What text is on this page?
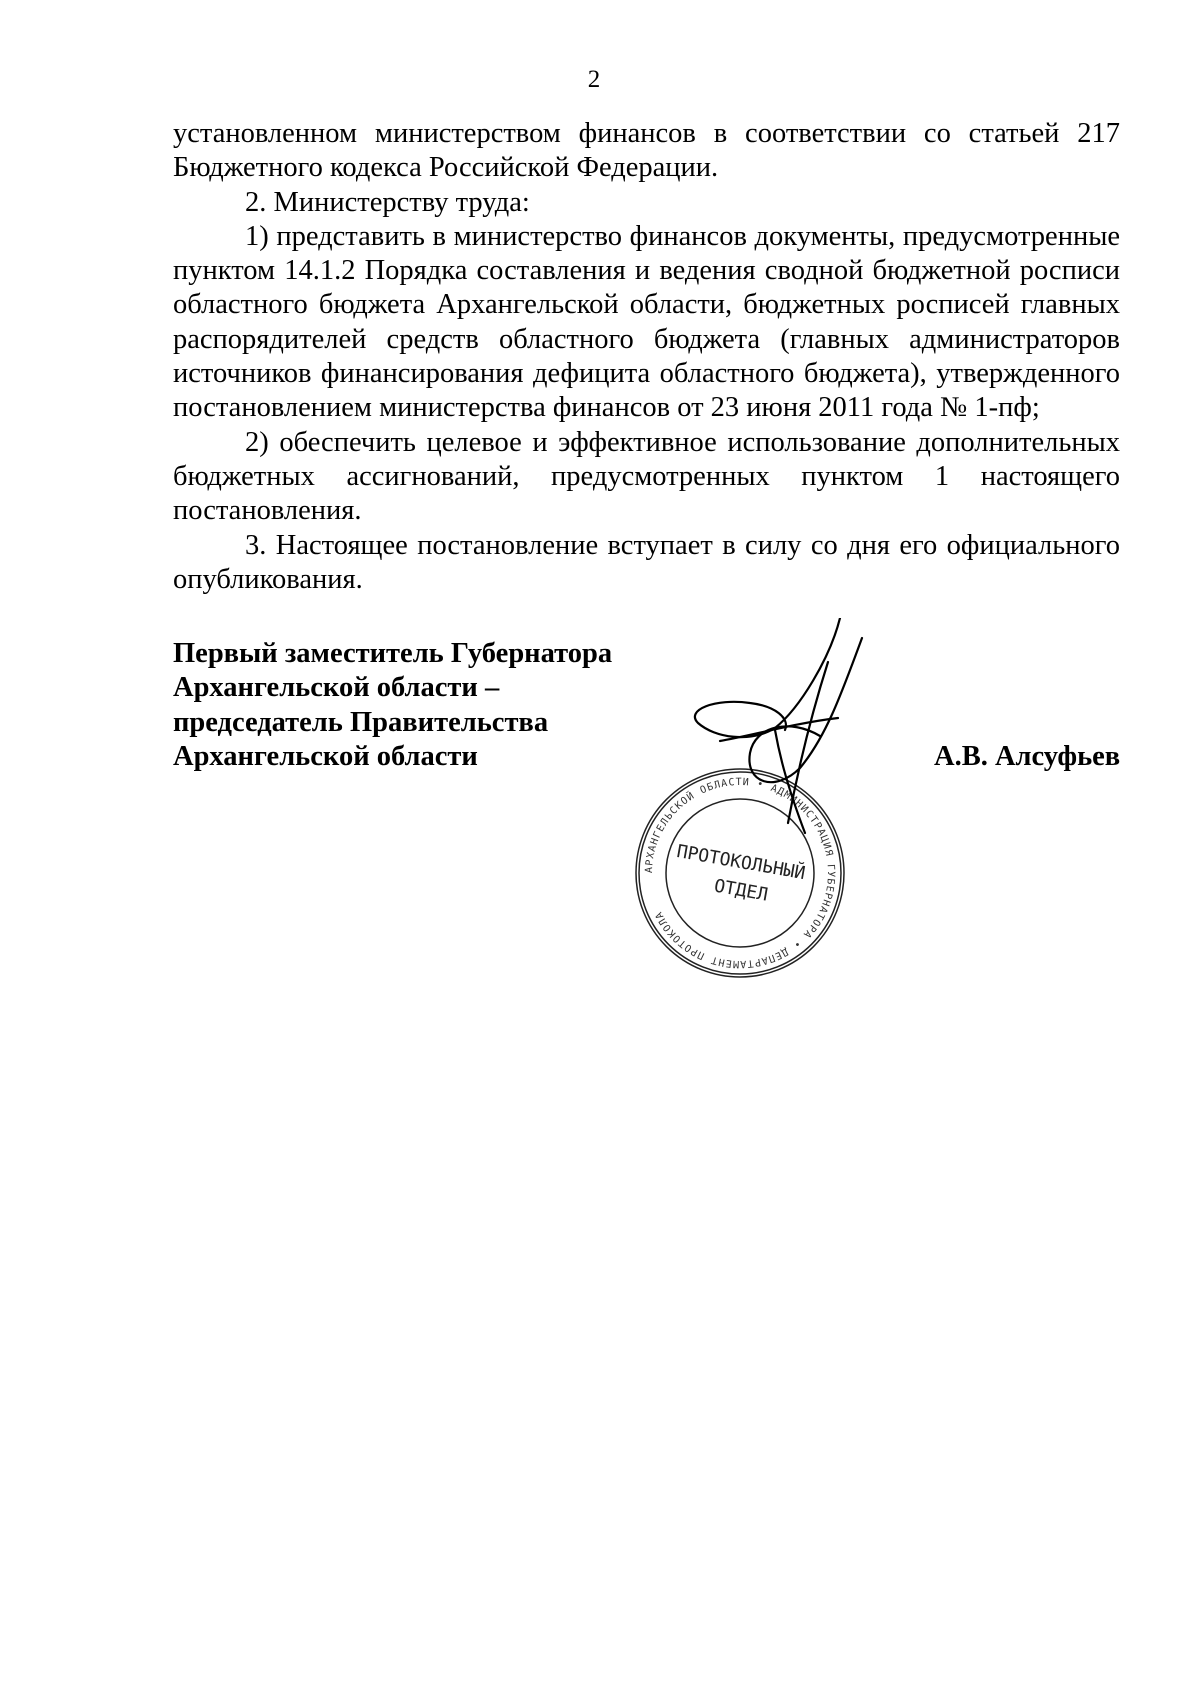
2

установленном министерством финансов в соответствии со статьей 217 Бюджетного кодекса Российской Федерации.

2. Министерству труда:

1) представить в министерство финансов документы, предусмотренные пунктом 14.1.2 Порядка составления и ведения сводной бюджетной росписи областного бюджета Архангельской области, бюджетных росписей главных распорядителей средств областного бюджета (главных администраторов источников финансирования дефицита областного бюджета), утвержденного постановлением министерства финансов от 23 июня 2011 года № 1-пф;

2) обеспечить целевое и эффективное использование дополнительных бюджетных ассигнований, предусмотренных пунктом 1 настоящего постановления.

3. Настоящее постановление вступает в силу со дня его официального опубликования.

Первый заместитель Губернатора
Архангельской области –
председатель Правительства
Архангельской области	А.В. Алсуфьев
АРХАНГЕЛЬСКОЙ ОБЛАСТИ • АДМИНИСТРАЦИЯ ГУБЕРНАТОРА • ДЕПАРТАМЕНТ ПРОТОКОЛА
ПРОТОКОЛЬНЫЙ
ОТДЕЛ
